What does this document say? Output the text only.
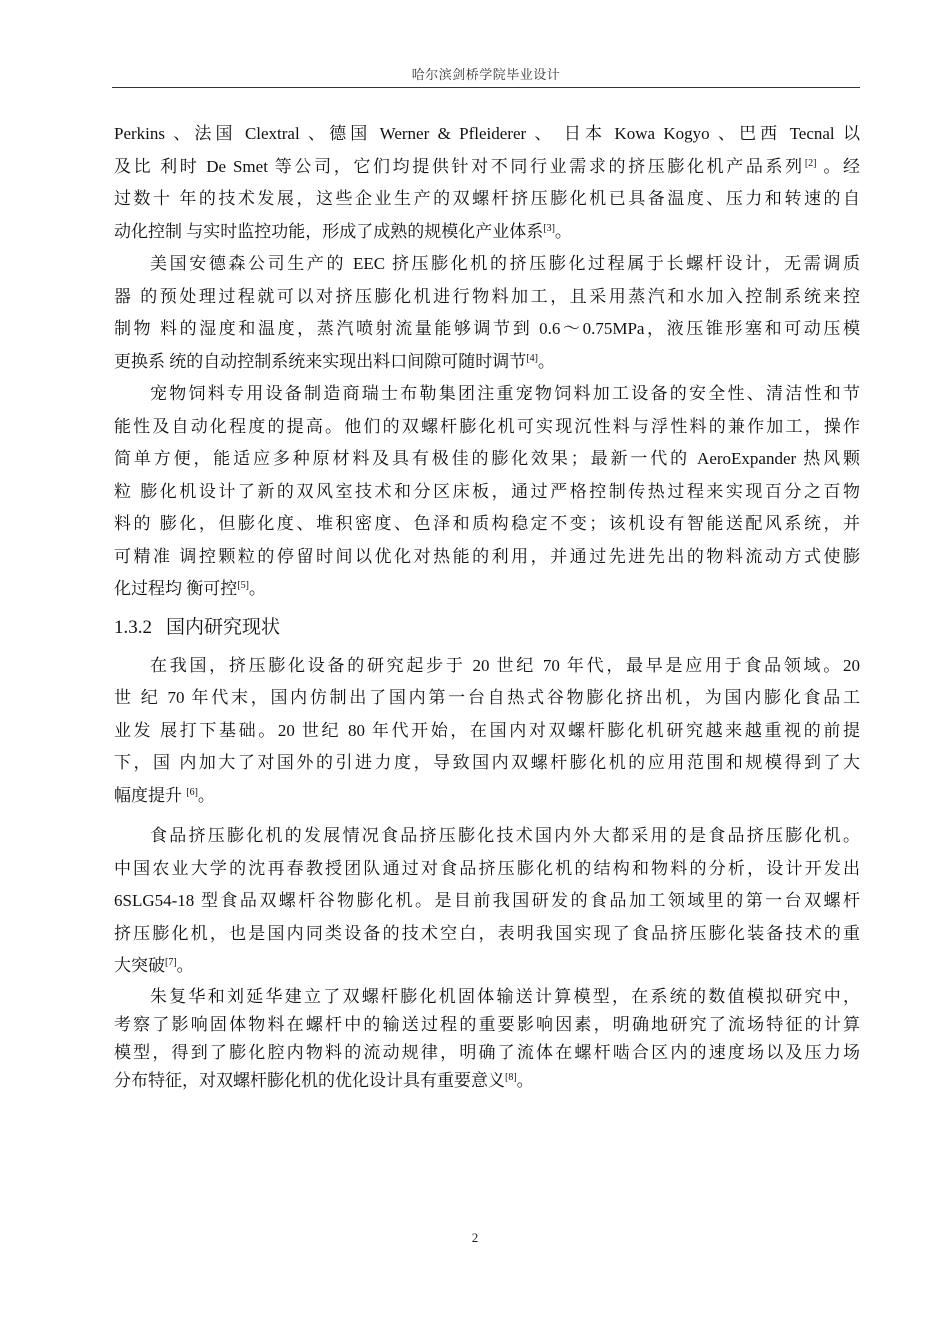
哈尔滨剑桥学院毕业设计
Perkins 、法国 Clextral 、德国 Werner & Pfleiderer 、 日本 Kowa Kogyo 、巴西 Tecnal 以
及比 利时 De Smet 等公司，它们均提供针对不同行业需求的挤压膨化机产品系列[2] 。经
过数十 年的技术发展，这些企业生产的双螺杆挤压膨化机已具备温度、压力和转速的自
动化控制 与实时监控功能，形成了成熟的规模化产业体系[3]。
美国安德森公司生产的 EEC 挤压膨化机的挤压膨化过程属于长螺杆设计，无需调质
器 的预处理过程就可以对挤压膨化机进行物料加工，且采用蒸汽和水加入控制系统来控
制物 料的湿度和温度，蒸汽喷射流量能够调节到 0.6～0.75MPa，液压锥形塞和可动压模
更换系 统的自动控制系统来实现出料口间隙可随时调节[4]。
宠物饲料专用设备制造商瑞士布勒集团注重宠物饲料加工设备的安全性、清洁性和节
能性及自动化程度的提高。他们的双螺杆膨化机可实现沉性料与浮性料的兼作加工，操作
简单方便，能适应多种原材料及具有极佳的膨化效果；最新一代的 AeroExpander 热风颗
粒 膨化机设计了新的双风室技术和分区床板，通过严格控制传热过程来实现百分之百物
料的 膨化，但膨化度、堆积密度、色泽和质构稳定不变；该机设有智能送配风系统，并
可精准 调控颗粒的停留时间以优化对热能的利用，并通过先进先出的物料流动方式使膨
化过程均 衡可控[5]。
1.3.2 国内研究现状
在我国，挤压膨化设备的研究起步于 20 世纪 70 年代，最早是应用于食品领域。20
世 纪 70 年代末，国内仿制出了国内第一台自热式谷物膨化挤出机，为国内膨化食品工
业发 展打下基础。20 世纪 80 年代开始，在国内对双螺杆膨化机研究越来越重视的前提
下，国 内加大了对国外的引进力度，导致国内双螺杆膨化机的应用范围和规模得到了大
幅度提升 [6]。
食品挤压膨化机的发展情况食品挤压膨化技术国内外大都采用的是食品挤压膨化机。
中国农业大学的沈再春教授团队通过对食品挤压膨化机的结构和物料的分析，设计开发出
6SLG54-18 型食品双螺杆谷物膨化机。是目前我国研发的食品加工领域里的第一台双螺杆
挤压膨化机，也是国内同类设备的技术空白，表明我国实现了食品挤压膨化装备技术的重
大突破[7]。
朱复华和刘延华建立了双螺杆膨化机固体输送计算模型，在系统的数值模拟研究中，
考察了影响固体物料在螺杆中的输送过程的重要影响因素，明确地研究了流场特征的计算
模型，得到了膨化腔内物料的流动规律，明确了流体在螺杆啮合区内的速度场以及压力场
分布特征，对双螺杆膨化机的优化设计具有重要意义[8]。
2
